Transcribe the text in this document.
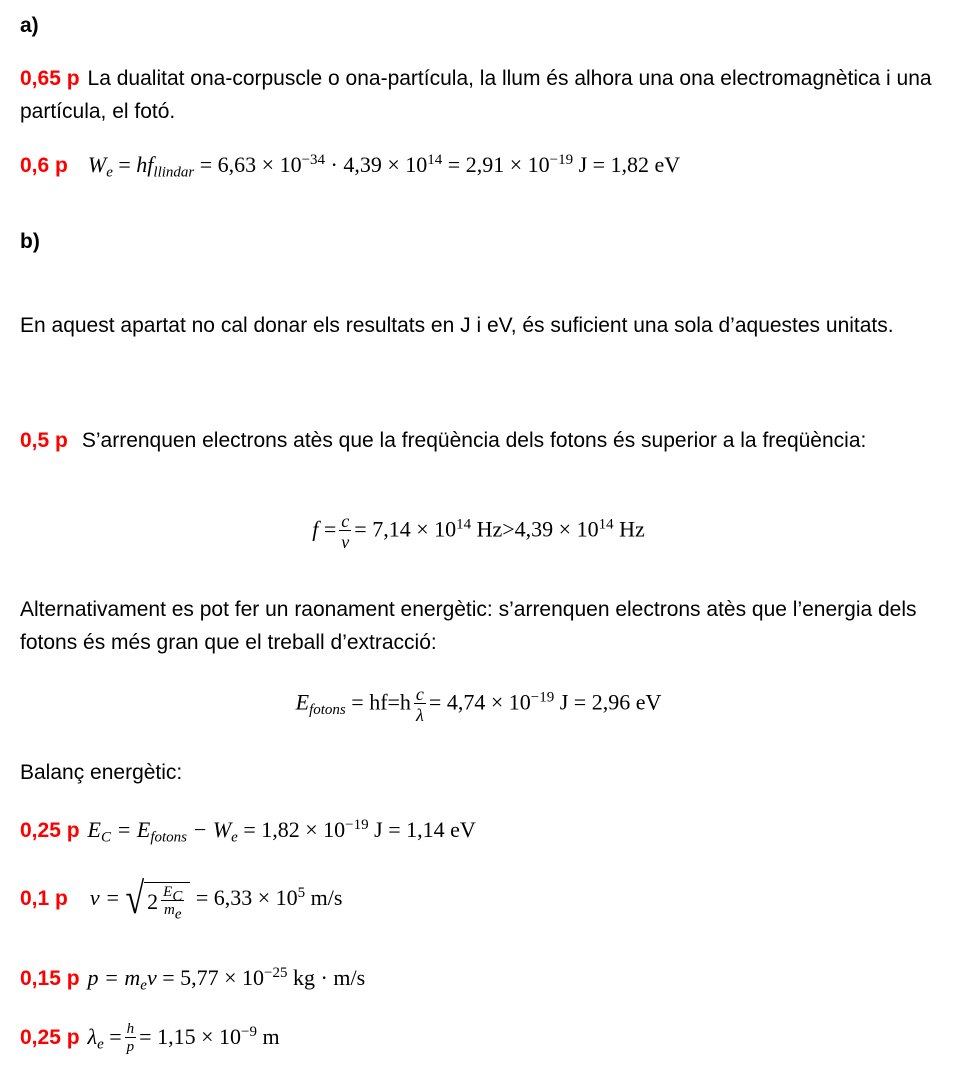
a)
0,65 p La dualitat ona-corpuscle o ona-partícula, la llum és alhora una ona electromagnètica i una partícula, el fotó.
0,6 p $W_e = hf_{llindar} = 6,63 \times 10^{-34} \cdot 4,39 \times 10^{14} = 2,91 \times 10^{-19}$ J = 1,82 eV
b)
En aquest apartat no cal donar els resultats en J i eV, és suficient una sola d’aquestes unitats.
0,5 p S’arrenquen electrons atès que la freqüència dels fotons és superior a la freqüència:
$f = \frac{c}{v} = 7,14 \times 10^{14}$ $Hz>4,39 \times 10^{14}$ Hz
Alternativament es pot fer un raonament energètic: s’arrenquen electrons atès que l’energia dels fotons és més gran que el treball d’extracció:
$E_{fotons} = hf=h \frac{c}{\lambda} = 4,74 \times 10^{-19}$ J = 2,96 eV
Balanç energètic:
0,25 p $E_C = E_{fotons} - W_e = 1,82 \times 10^{-19}$ J = 1,14 eV
0,1 p v = √ $2 \frac{E_C}{m_e} = 6,33 \times 10^5$ m/s
0,15 p $p = m_ev = 5,77 \times 10^{-25}$ kg · m/s
0,25 p $\lambda_e = \frac{h}{p} = 1,15 \times 10^{-9}$ m
